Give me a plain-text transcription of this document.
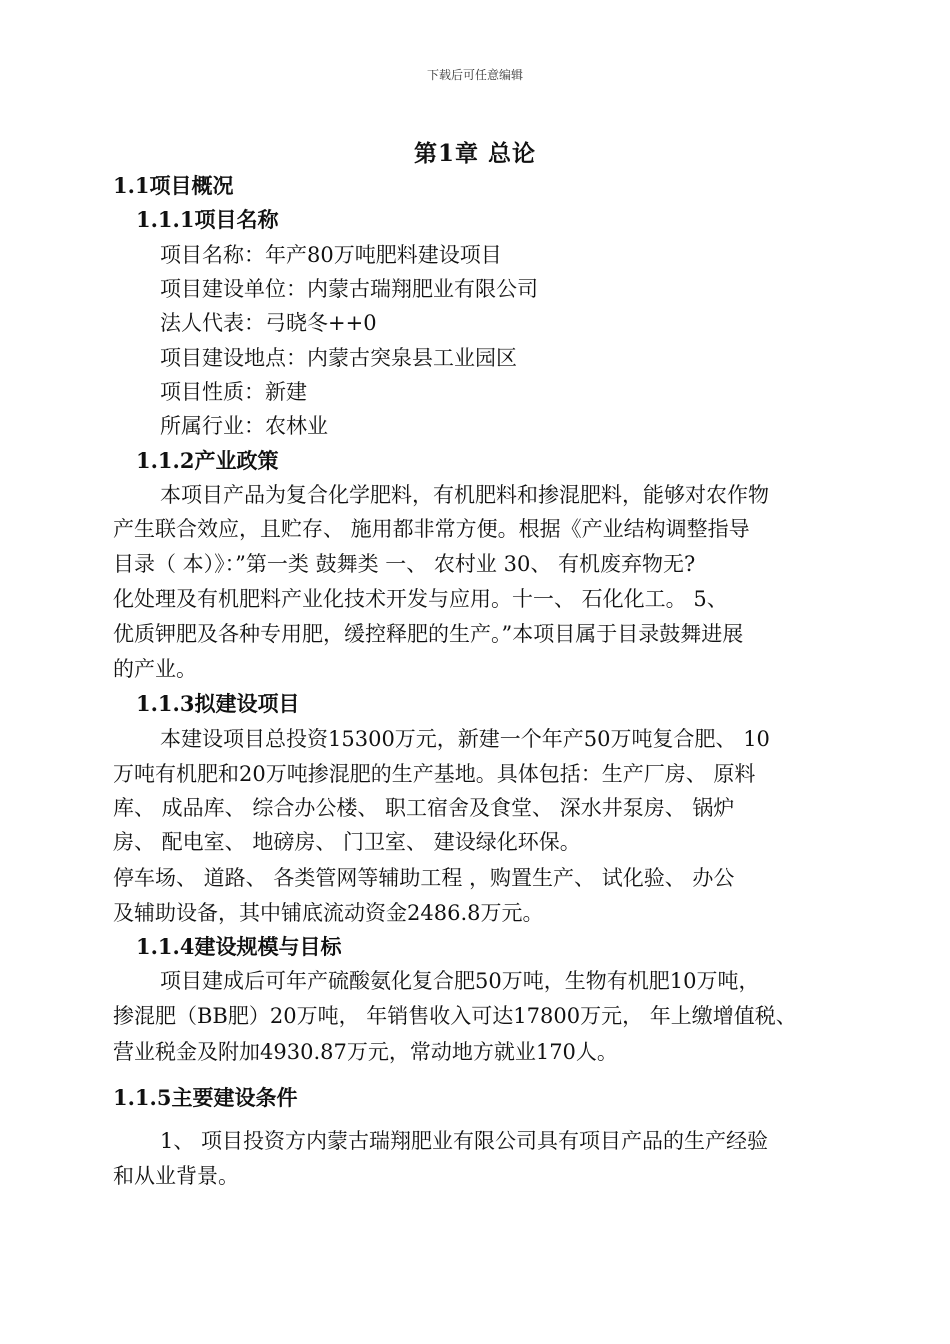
下载后可任意编辑
第1章 总论
1.1项目概况
1.1.1项目名称
项目名称：年产80万吨肥料建设项目
项目建设单位：内蒙古瑞翔肥业有限公司
法人代表：弓晓冬++0
项目建设地点：内蒙古突泉县工业园区
项目性质：新建
所属行业：农林业
1.1.2产业政策
本项目产品为复合化学肥料，有机肥料和掺混肥料，能够对农作物
产生联合效应，且贮存、 施用都非常方便。根据《产业结构调整指导
目录（ 本）》：”第一类 鼓舞类 一、 农村业 30、 有机废弃物无?
化处理及有机肥料产业化技术开发与应用。十一、 石化化工。 5、
优质钾肥及各种专用肥，缓控释肥的生产。”本项目属于目录鼓舞进展
的产业。
1.1.3拟建设项目
本建设项目总投资15300万元，新建一个年产50万吨复合肥、 10
万吨有机肥和20万吨掺混肥的生产基地。具体包括：生产厂房、 原料
库、 成品库、 综合办公楼、 职工宿舍及食堂、 深水井泵房、 锅炉
房、 配电室、 地磅房、 门卫室、 建设绿化环保。
停车场、 道路、 各类管网等辅助工程 ，购置生产、 试化验、 办公
及辅助设备，其中铺底流动资金2486.8万元。
1.1.4建设规模与目标
项目建成后可年产硫酸氨化复合肥50万吨，生物有机肥10万吨，
掺混肥（BB肥）20万吨， 年销售收入可达17800万元， 年上缴增值税、
营业税金及附加4930.87万元，常动地方就业170人。
1.1.5主要建设条件
1、 项目投资方内蒙古瑞翔肥业有限公司具有项目产品的生产经验
和从业背景。
